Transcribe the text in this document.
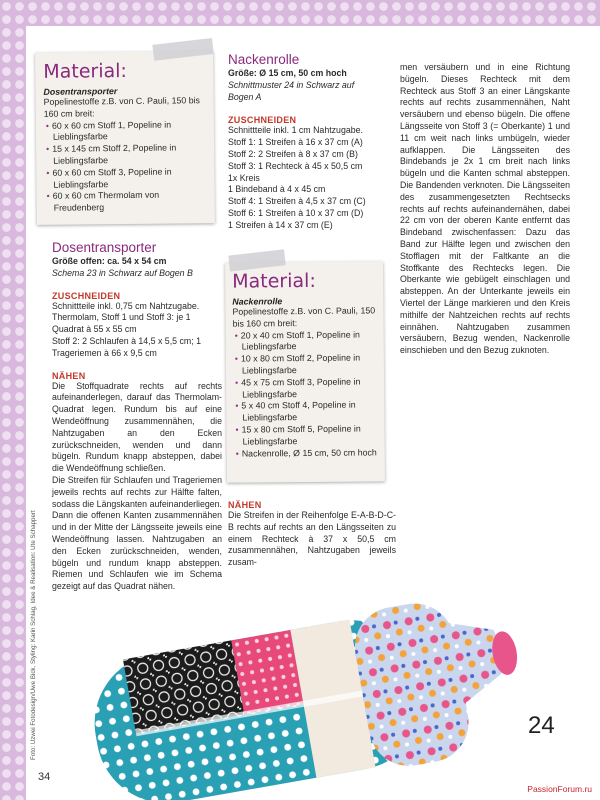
Material:
Dosentransporter
Popelinestoffe z.B. von C. Pauli, 150 bis 160 cm breit:
• 60 x 60 cm Stoff 1, Popeline in Lieblingsfarbe
• 15 x 145 cm Stoff 2, Popeline in Lieblingsfarbe
• 60 x 60 cm Stoff 3, Popeline in Lieblingsfarbe
• 60 x 60 cm Thermolam von Freudenberg
Dosentransporter
Größe offen: ca. 54 x 54 cm
Schema 23 in Schwarz auf Bogen B
ZUSCHNEIDEN
Schnittteile inkl. 0,75 cm Nahtzugabe.
Thermolam, Stoff 1 und Stoff 3: je 1 Quadrat à 55 x 55 cm
Stoff 2: 2 Schlaufen à 14,5 x 5,5 cm; 1 Trageriemen à 66 x 9,5 cm
NÄHEN
Die Stoffquadrate rechts auf rechts aufeinanderlegen, darauf das Thermolam-Quadrat legen. Rundum bis auf eine Wendeöffnung zusammennähen, die Nahtzugaben an den Ecken zurückschneiden, wenden und dann bügeln. Rundum knapp absteppen, dabei die Wendeöffnung schließen.
Die Streifen für Schlaufen und Trageriemen jeweils rechts auf rechts zur Hälfte falten, sodass die Längskanten aufeinanderliegen. Dann die offenen Kanten zusammennähen und in der Mitte der Längsseite jeweils eine Wendeöffnung lassen. Nahtzugaben an den Ecken zurückschneiden, wenden, bügeln und rundum knapp absteppen. Riemen und Schlaufen wie im Schema gezeigt auf das Quadrat nähen.
Nackenrolle
Größe: Ø 15 cm, 50 cm hoch
Schnittmuster 24 in Schwarz auf Bogen A
ZUSCHNEIDEN
Schnittteile inkl. 1 cm Nahtzugabe.
Stoff 1: 1 Streifen à 16 x 37 cm (A)
Stoff 2: 2 Streifen à 8 x 37 cm (B)
Stoff 3: 1 Rechteck à 45 x 50,5 cm
1x Kreis
1 Bindeband à 4 x 45 cm
Stoff 4: 1 Streifen à 4,5 x 37 cm (C)
Stoff 6: 1 Streifen à 10 x 37 cm (D)
1 Streifen à 14 x 37 cm (E)
Material:
Nackenrolle
Popelinestoffe z.B. von C. Pauli, 150 bis 160 cm breit:
• 20 x 40 cm Stoff 1, Popeline in Lieblingsfarbe
• 10 x 80 cm Stoff 2, Popeline in Lieblingsfarbe
• 45 x 75 cm Stoff 3, Popeline in Lieblingsfarbe
• 5 x 40 cm Stoff 4, Popeline in Lieblingsfarbe
• 15 x 80 cm Stoff 5, Popeline in Lieblingsfarbe
• Nackenrolle, Ø 15 cm, 50 cm hoch
NÄHEN
Die Streifen in der Reihenfolge E-A-B-D-C-B rechts auf rechts an den Längsseiten zu einem Rechteck à 37 x 50,5 cm zusammennähen, Nahtzugaben jeweils zusam-
men versäubern und in eine Richtung bügeln. Dieses Rechteck mit dem Rechteck aus Stoff 3 an einer Längskante rechts auf rechts zusammennähen, Naht versäubern und ebenso bügeln. Die offene Längsseite von Stoff 3 (= Oberkante) 1 und 11 cm weit nach links umbügeln, wieder aufklappen. Die Längsseiten des Bindebands je 2x 1 cm breit nach links bügeln und die Kanten schmal absteppen. Die Bandenden verknoten. Die Längsseiten des zusammengesetzten Rechtsecks rechts auf rechts aufeinandernähen, dabei 22 cm von der oberen Kante entfernt das Bindeband zwischenfassen: Dazu das Band zur Hälfte legen und zwischen den Stofflagen mit der Faltkante an die Stoffkante des Rechtecks legen. Die Oberkante wie gebügelt einschlagen und absteppen. An der Unterkante jeweils ein Viertel der Länge markieren und den Kreis mithilfe der Nahtzeichen rechts auf rechts einnähen. Nahtzugaben zusammen versäubern, Bezug wenden, Nackenrolle einschieben und den Bezug zuknoten.
Foto: Uzwei Fotodesign/Uwe Bick, Styling: Karin Schlag, Idee & Realisation: Ute Schappert
34
24
PassionForum.ru
